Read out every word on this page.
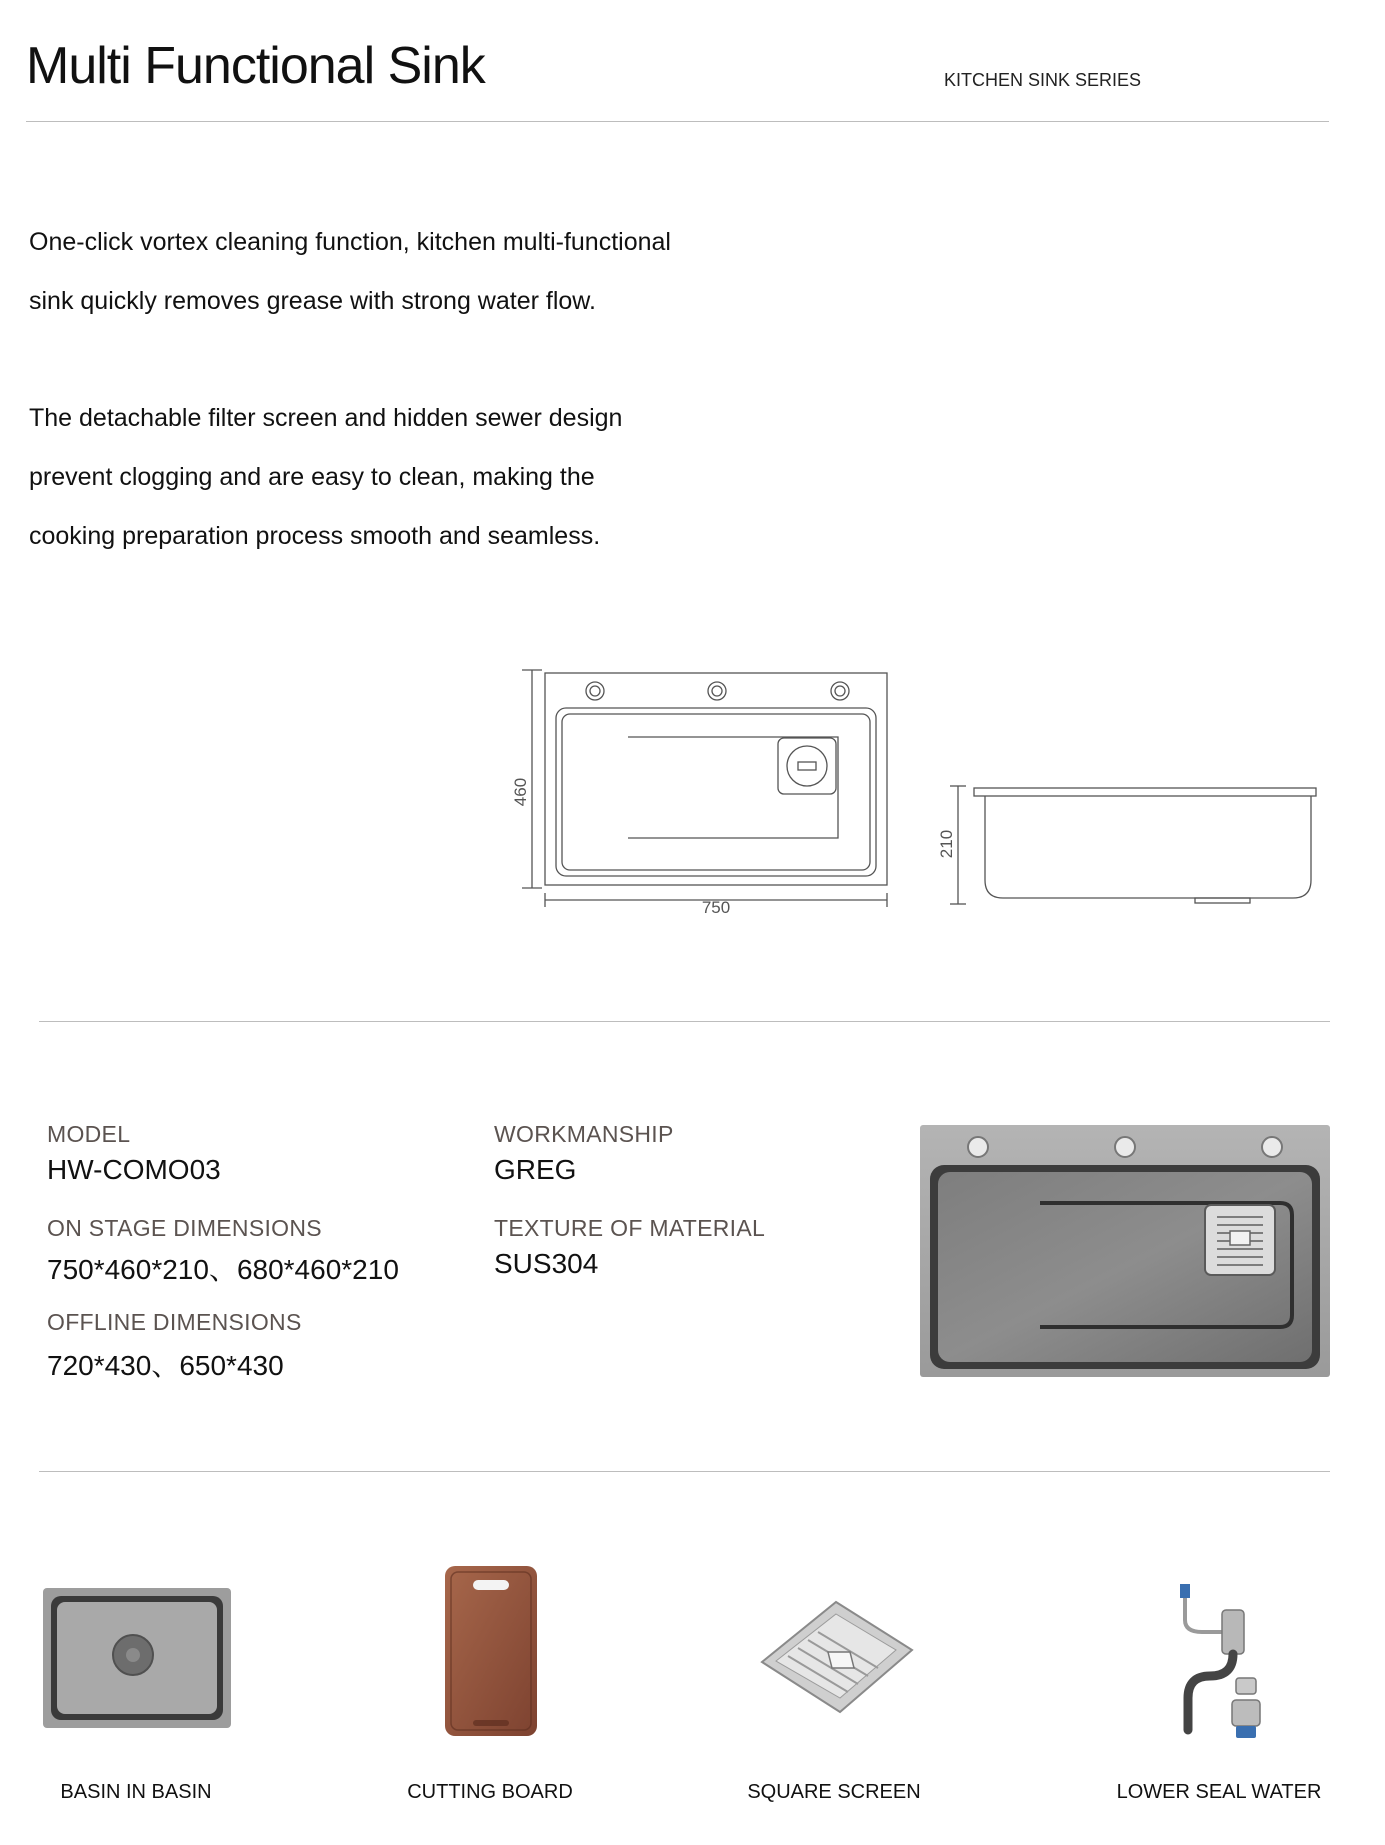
Multi Functional Sink	KITCHEN SINK SERIES
One-click vortex cleaning function, kitchen multi-functional
sink quickly removes grease with strong water flow.
The detachable filter screen and hidden sewer design
prevent clogging and are easy to clean, making the
cooking preparation process smooth and seamless.
460
750
210
MODEL
HW-COMO03
WORKMANSHIP
GREG
ON STAGE DIMENSIONS
750*460*210、680*460*210
TEXTURE OF MATERIAL
SUS304
OFFLINE DIMENSIONS
720*430、650*430
BASIN IN BASIN	CUTTING BOARD	SQUARE SCREEN	LOWER SEAL WATER
